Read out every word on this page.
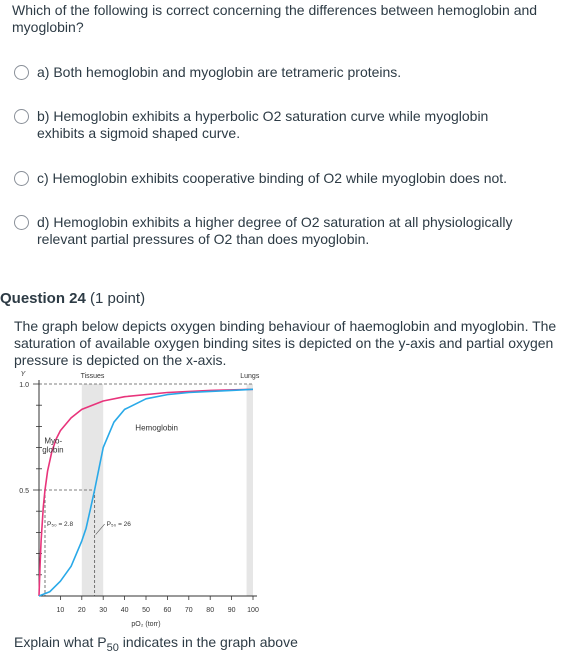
Which of the following is correct concerning the differences between hemoglobin and myoglobin?
a) Both hemoglobin and myoglobin are tetrameric proteins.
b) Hemoglobin exhibits a hyperbolic O2 saturation curve while myoglobin exhibits a sigmoid shaped curve.
c) Hemoglobin exhibits cooperative binding of O2 while myoglobin does not.
d) Hemoglobin exhibits a higher degree of O2 saturation at all physiologically relevant partial pressures of O2 than does myoglobin.
Question 24 (1 point)
The graph below depicts oxygen binding behaviour of haemoglobin and myoglobin. The saturation of available oxygen binding sites is depicted on the y-axis and partial oxygen pressure is depicted on the x-axis.
Tissues	Lungs
1.0
0.5
Y
10 20 30 40 50 60 70 80 90 100
pO₂ (torr)
Myo-globin
Hemoglobin
P₅₀ = 2.8	P₅₀ = 26
Explain what $P_{50}$ indicates in the graph above
